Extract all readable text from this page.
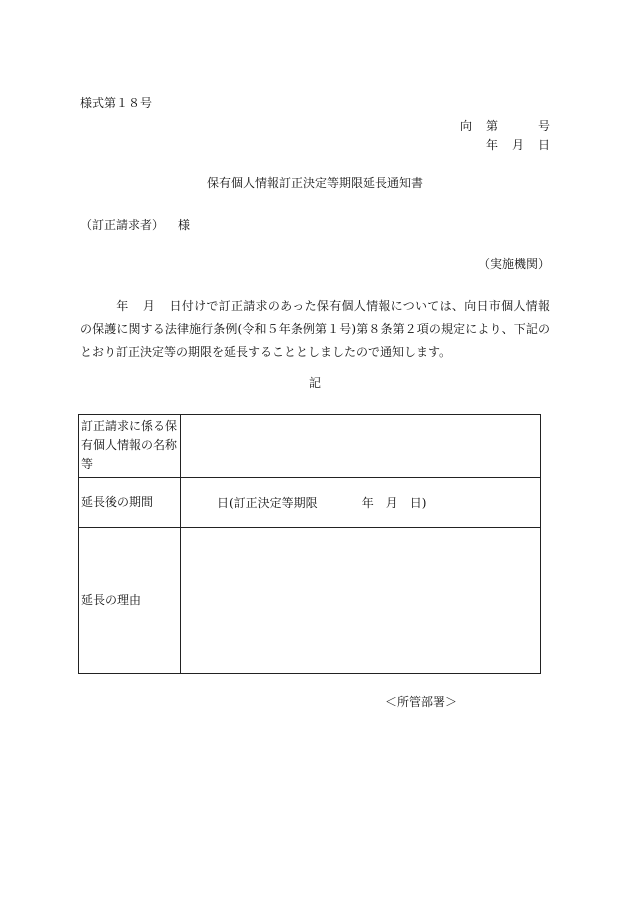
様式第１８号
向 第	号
年 月 日
保有個人情報訂正決定等期限延長通知書
（訂正請求者） 様
（実施機関）
年 月 日付けで訂正請求のあった保有個人情報については、向日市個人情報の保護に関する法律施行条例(令和５年条例第１号)第８条第２項の規定により、下記のとおり訂正決定等の期限を延長することとしましたので通知します。
記
訂正請求に係る保有個人情報の名称等	
延長後の期間	日(訂正決定等期限 年 月 日)

延長の理由	
＜所管部署＞
